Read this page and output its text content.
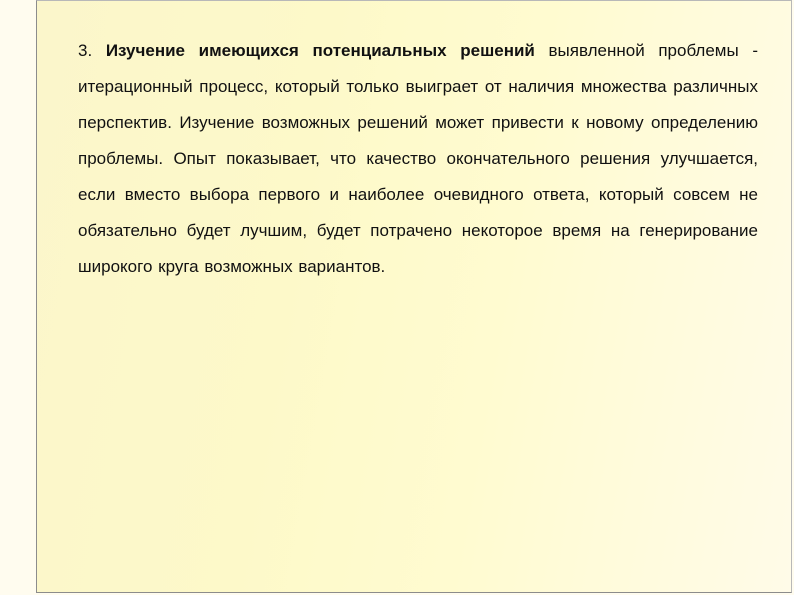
3. Изучение имеющихся потенциальных решений выявленной проблемы - итерационный процесс, который только выиграет от наличия множества различных перспектив. Изучение возможных решений может привести к новому определению проблемы. Опыт показывает, что качество окончательного решения улучшается, если вместо выбора первого и наиболее очевидного ответа, который совсем не обязательно будет лучшим, будет потрачено некоторое время на генерирование широкого круга возможных вариантов.
